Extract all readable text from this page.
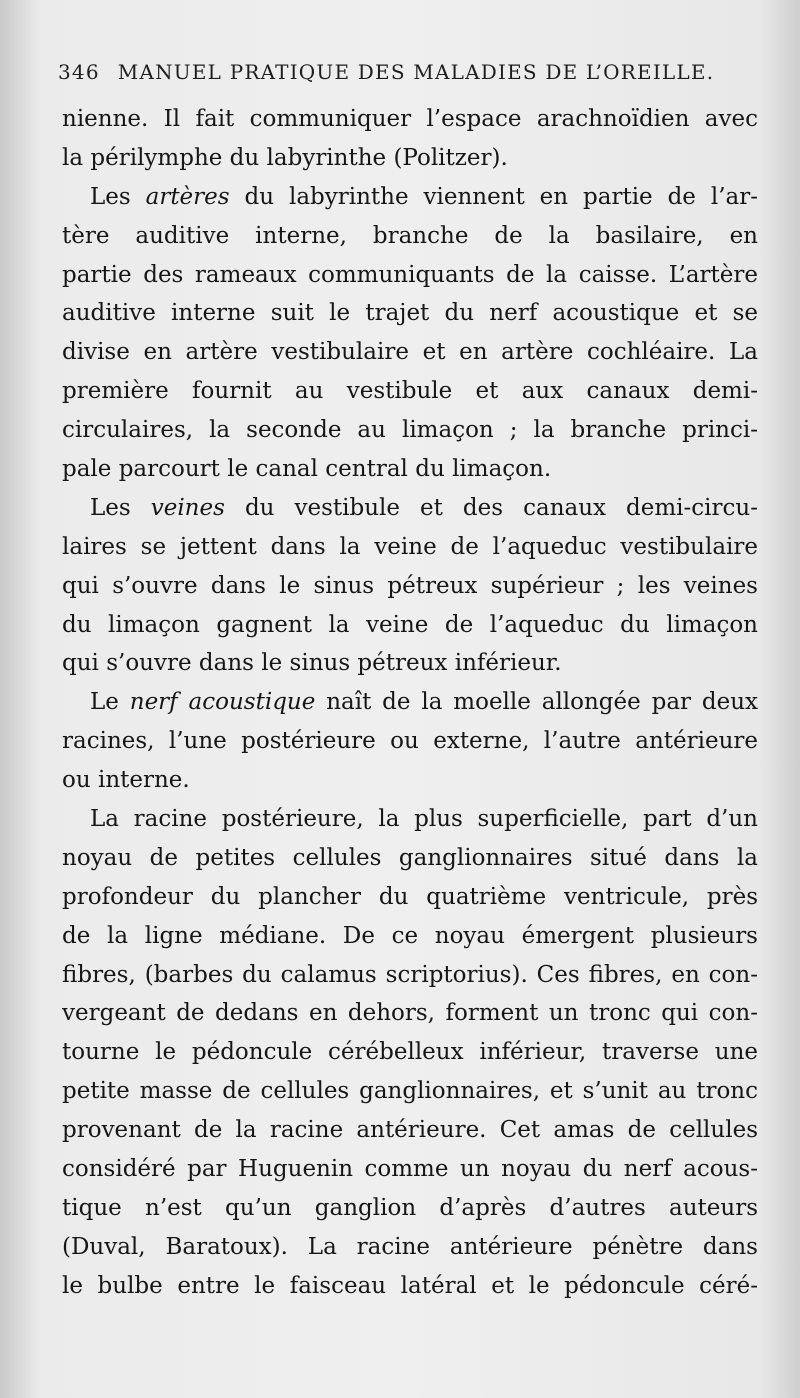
346 MANUEL PRATIQUE DES MALADIES DE L’OREILLE.
nienne. Il fait communiquer l’espace arachnoïdien avec
la périlymphe du labyrinthe (Politzer).
Les artères du labyrinthe viennent en partie de l’ar-
tère auditive interne, branche de la basilaire, en
partie des rameaux communiquants de la caisse. L’artère
auditive interne suit le trajet du nerf acoustique et se
divise en artère vestibulaire et en artère cochléaire. La
première fournit au vestibule et aux canaux demi-
circulaires, la seconde au limaçon ; la branche princi-
pale parcourt le canal central du limaçon.
Les veines du vestibule et des canaux demi-circu-
laires se jettent dans la veine de l’aqueduc vestibulaire
qui s’ouvre dans le sinus pétreux supérieur ; les veines
du limaçon gagnent la veine de l’aqueduc du limaçon
qui s’ouvre dans le sinus pétreux inférieur.
Le nerf acoustique naît de la moelle allongée par deux
racines, l’une postérieure ou externe, l’autre antérieure
ou interne.
La racine postérieure, la plus superficielle, part d’un
noyau de petites cellules ganglionnaires situé dans la
profondeur du plancher du quatrième ventricule, près
de la ligne médiane. De ce noyau émergent plusieurs
fibres, (barbes du calamus scriptorius). Ces fibres, en con-
vergeant de dedans en dehors, forment un tronc qui con-
tourne le pédoncule cérébelleux inférieur, traverse une
petite masse de cellules ganglionnaires, et s’unit au tronc
provenant de la racine antérieure. Cet amas de cellules
considéré par Huguenin comme un noyau du nerf acous-
tique n’est qu’un ganglion d’après d’autres auteurs
(Duval, Baratoux). La racine antérieure pénètre dans
le bulbe entre le faisceau latéral et le pédoncule céré-
